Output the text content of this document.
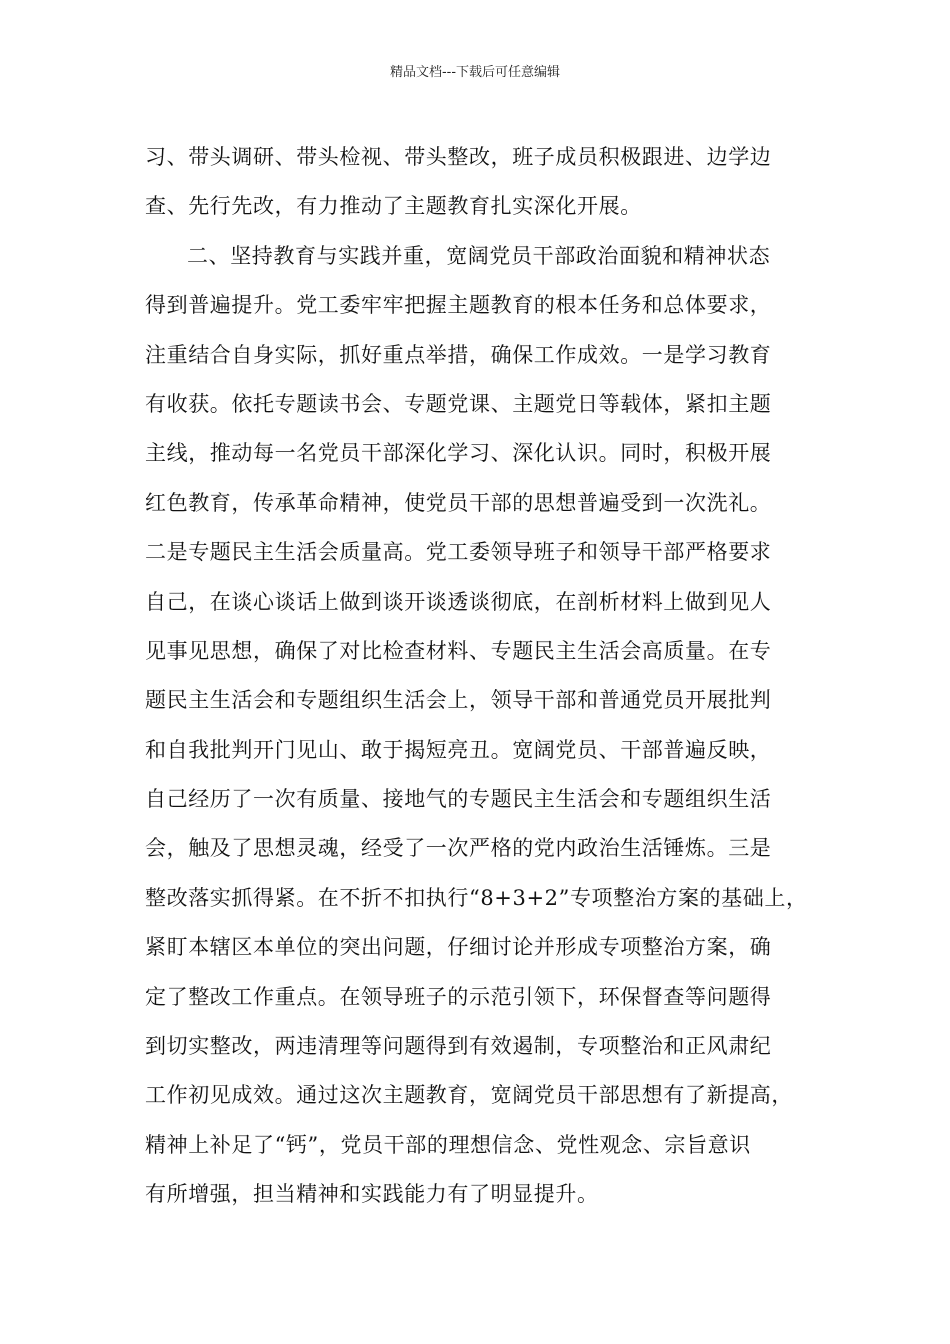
精品文档---下载后可任意编辑
习、带头调研、带头检视、带头整改，班子成员积极跟进、边学边
查、先行先改，有力推动了主题教育扎实深化开展。
二、坚持教育与实践并重，宽阔党员干部政治面貌和精神状态
得到普遍提升。党工委牢牢把握主题教育的根本任务和总体要求，
注重结合自身实际，抓好重点举措，确保工作成效。一是学习教育
有收获。依托专题读书会、专题党课、主题党日等载体，紧扣主题
主线，推动每一名党员干部深化学习、深化认识。同时，积极开展
红色教育，传承革命精神，使党员干部的思想普遍受到一次洗礼。
二是专题民主生活会质量高。党工委领导班子和领导干部严格要求
自己，在谈心谈话上做到谈开谈透谈彻底，在剖析材料上做到见人
见事见思想，确保了对比检查材料、专题民主生活会高质量。在专
题民主生活会和专题组织生活会上，领导干部和普通党员开展批判
和自我批判开门见山、敢于揭短亮丑。宽阔党员、干部普遍反映，
自己经历了一次有质量、接地气的专题民主生活会和专题组织生活
会，触及了思想灵魂，经受了一次严格的党内政治生活锤炼。三是
整改落实抓得紧。在不折不扣执行“8+3+2”专项整治方案的基础上，
紧盯本辖区本单位的突出问题，仔细讨论并形成专项整治方案，确
定了整改工作重点。在领导班子的示范引领下，环保督查等问题得
到切实整改，两违清理等问题得到有效遏制，专项整治和正风肃纪
工作初见成效。通过这次主题教育，宽阔党员干部思想有了新提高，
精神上补足了“钙”，党员干部的理想信念、党性观念、宗旨意识
有所增强，担当精神和实践能力有了明显提升。
